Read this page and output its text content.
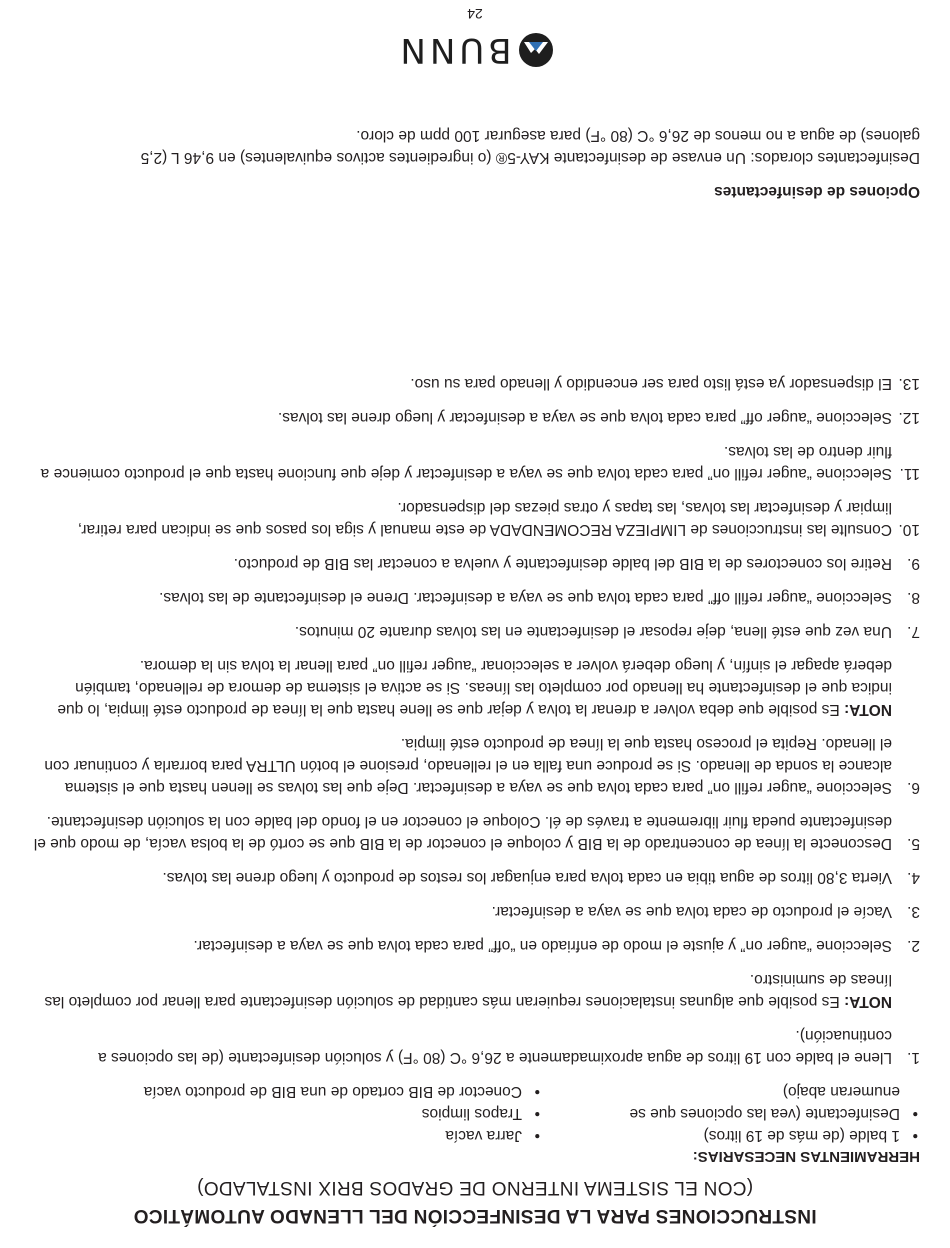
INSTRUCCIONES PARA LA DESINFECCIÓN DEL LLENADO AUTOMÁTICO
(CON EL SISTEMA INTERNO DE GRADOS BRIX INSTALADO)
HERRAMIENTAS NECESARIAS:
• 1 balde (de más de 19 litros)
• Desinfectante (vea las opciones que se enumeran abajo)
• Jarra vacía
• Trapos limpios
• Conector de BIB cortado de una BIB de producto vacía
1.

Llene el balde con 19 litros de agua aproximadamente a 26,6 °C (80 °F) y solución desinfectante (de las opciones a continuación).

NOTA: Es posible que algunas instalaciones requieran más cantidad de solución desinfectante para llenar por completo las líneas de suministro.

2.

Seleccione “auger on” y ajuste el modo de enfriado en “off” para cada tolva que se vaya a desinfectar.

3.

Vacíe el producto de cada tolva que se vaya a desinfectar.

4.

Vierta 3,80 litros de agua tibia en cada tolva para enjuagar los restos de producto y luego drene las tolvas.

5.

Desconecte la línea de concentrado de la BIB y coloque el conector de la BIB que se cortó de la bolsa vacía, de modo que el desinfectante pueda fluir libremente a través de él. Coloque el conector en el fondo del balde con la solución desinfectante.

6.

Seleccione “auger refill on” para cada tolva que se vaya a desinfectar. Deje que las tolvas se llenen hasta que el sistema alcance la sonda de llenado. Si se produce una falla en el rellenado, presione el botón ULTRA para borrarla y continuar con el llenado. Repita el proceso hasta que la línea de producto esté limpia.

NOTA: Es posible que deba volver a drenar la tolva y dejar que se llene hasta que la línea de producto esté limpia, lo que indica que el desinfectante ha llenado por completo las líneas. Si se activa el sistema de demora de rellenado, también deberá apagar el sinfín, y luego deberá volver a seleccionar “auger refill on” para llenar la tolva sin la demora.

7.

Una vez que esté llena, deje reposar el desinfectante en las tolvas durante 20 minutos.

8.

Seleccione “auger refill off” para cada tolva que se vaya a desinfectar. Drene el desinfectante de las tolvas.

9.

Retire los conectores de la BIB del balde desinfectante y vuelva a conectar las BIB de producto.

10.

Consulte las instrucciones de LIMPIEZA RECOMENDADA de este manual y siga los pasos que se indican para retirar, limpiar y desinfectar las tolvas, las tapas y otras piezas del dispensador.

11.

Seleccione “auger refill on” para cada tolva que se vaya a desinfectar y deje que funcione hasta que el producto comience a fluir dentro de las tolvas.

12.

Seleccione “auger off” para cada tolva que se vaya a desinfectar y luego drene las tolvas.

13.

El dispensador ya está listo para ser encendido y llenado para su uso.

Opciones de desinfectantes
Desinfectantes clorados: Un envase de desinfectante KAY-5® (o ingredientes activos equivalentes) en 9,46 L (2,5 galones) de agua a no menos de 26,6 °C (80 °F) para asegurar 100 ppm de cloro.
BUNN
24
